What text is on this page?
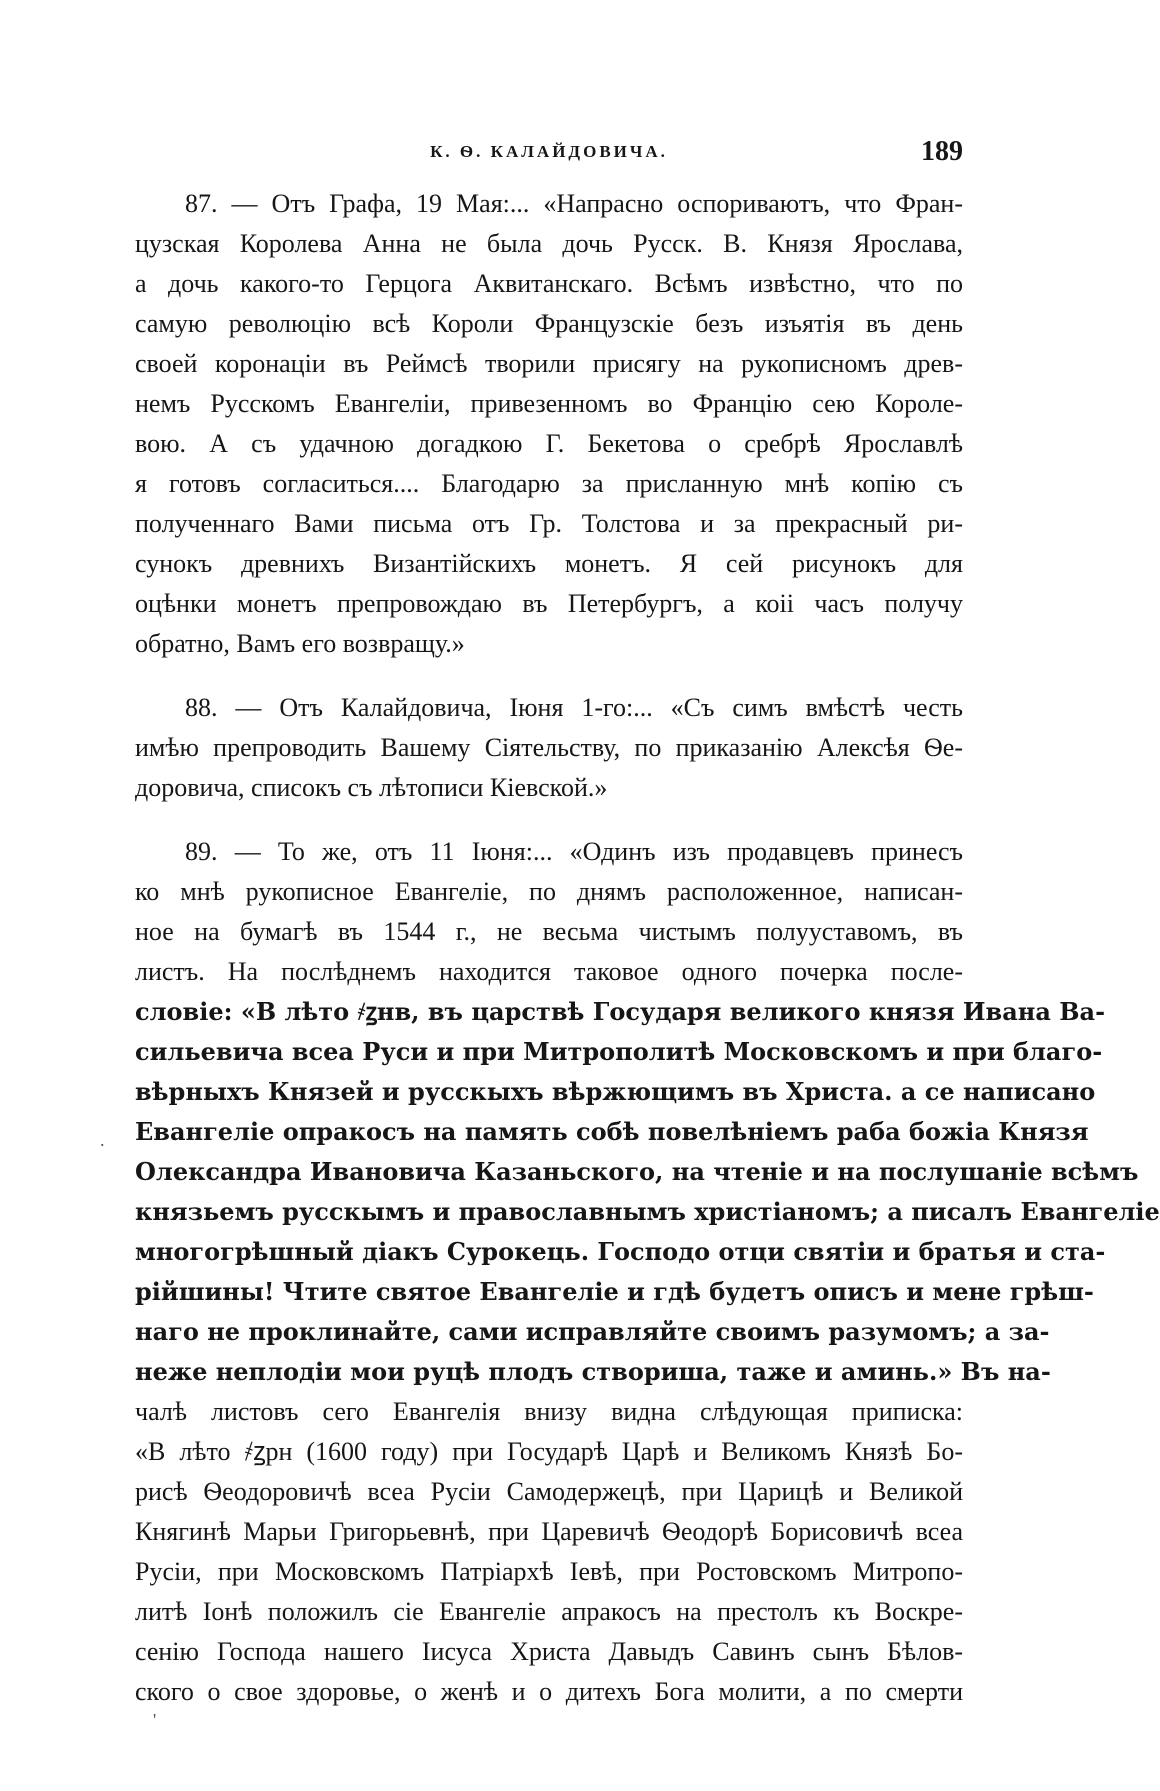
К. Ѳ. КАЛАЙДОВИЧА.	189
87. — Отъ Графа, 19 Мая:... «Напрасно оспориваютъ, что Фран-
цузская Королева Анна не была дочь Русск. В. Князя Ярослава,
а дочь какого-то Герцога Аквитанскаго. Всѣмъ извѣстно, что по
самую революцію всѣ Короли Французскіе безъ изъятія въ день
своей коронаціи въ Реймсѣ творили присягу на рукописномъ древ-
немъ Русскомъ Евангеліи, привезенномъ во Францію сею Короле-
вою. А съ удачною догадкою Г. Бекетова о сребрѣ Ярославлѣ
я готовъ согласиться.... Благодарю за присланную мнѣ копію съ
полученнаго Вами письма отъ Гр. Толстова и за прекрасный ри-
сунокъ древнихъ Византійскихъ монетъ. Я сей рисунокъ для
оцѣнки монетъ препровождаю въ Петербургъ, а коіі часъ получу
обратно, Вамъ его возвращу.»
88. — Отъ Калайдовича, Іюня 1-го:... «Съ симъ вмѣстѣ честь
имѣю препроводить Вашему Сіятельству, по приказанію Алексѣя Ѳе-
доровича, списокъ съ лѣтописи Кіевской.»
89. — То же, отъ 11 Іюня:... «Одинъ изъ продавцевъ принесъ
ко мнѣ рукописное Евангеліе, по днямъ расположенное, написан-
ное на бумагѣ въ 1544 г., не весьма чистымъ полууставомъ, въ
листъ. На послѣднемъ находится таковое одного почерка после-
словіе: «В лѣто ҂ꙁнв, въ царствѣ Государя великого князя Ивана Ва-
сильевича всеа Руси и при Митрополитѣ Московскомъ и при благо-
вѣрныхъ Князей и русскыхъ вѣржющимъ въ Христа. а се написано
Евангеліе опракосъ на память собѣ повелѣніемъ раба божіа Князя
Олександра Ивановича Казаньского, на чтеніе и на послушаніе всѣмъ
князьемъ русскымъ и православнымъ христіаномъ; а писалъ Евангеліе
многогрѣшный діакъ Сурокець. Господо отци святіи и братья и ста-
рійшины! Чтите святое Евангеліе и гдѣ будетъ описъ и мене грѣш-
наго не проклинайте, сами исправляйте своимъ разумомъ; а за-
неже неплодіи мои руцѣ плодъ створиша, таже и аминь.» Въ на-
чалѣ листовъ сего Евангелія внизу видна слѣдующая приписка:
«В лѣто ҂ꙁрн (1600 году) при Государѣ Царѣ и Великомъ Князѣ Бо-
рисѣ Ѳеодоровичѣ всеа Русіи Самодержецѣ, при Царицѣ и Великой
Княгинѣ Марьи Григорьевнѣ, при Царевичѣ Ѳеодорѣ Борисовичѣ всеа
Русіи, при Московскомъ Патріархѣ Іевѣ, при Ростовскомъ Митропо-
литѣ Іонѣ положилъ сіе Евангеліе апракосъ на престолъ къ Воскре-
сенію Господа нашего Іисуса Христа Давыдъ Савинъ сынъ Бѣлов-
ского о свое здоровье, о женѣ и о дитехъ Бога молити, а по смерти
.
'
